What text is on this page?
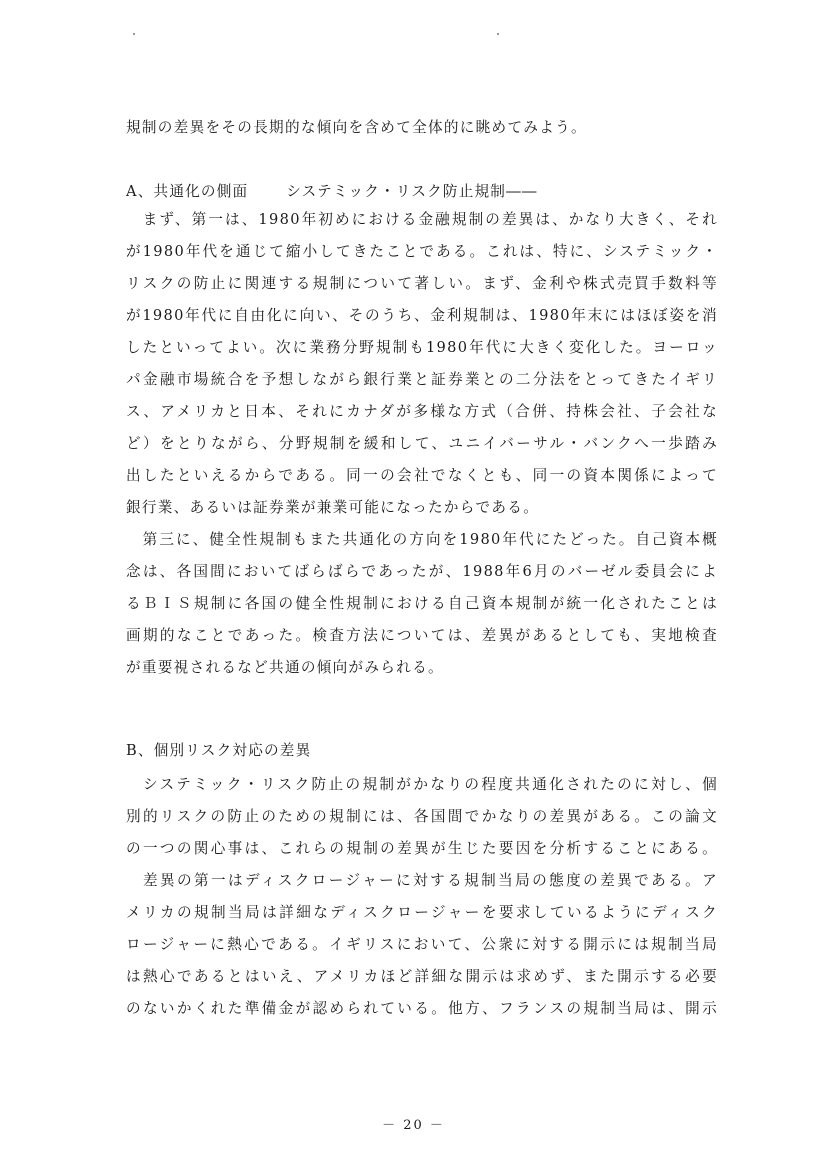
規制の差異をその長期的な傾向を含めて全体的に眺めてみよう。
A、共通化の側面	システミック・リスク防止規制――
　まず、第一は、1980年初めにおける金融規制の差異は、かなり大きく、それ
が1980年代を通じて縮小してきたことである。これは、特に、システミック・
リスクの防止に関連する規制について著しい。まず、金利や株式売買手数料等
が1980年代に自由化に向い、そのうち、金利規制は、1980年末にはほぼ姿を消
したといってよい。次に業務分野規制も1980年代に大きく変化した。ヨーロッ
パ金融市場統合を予想しながら銀行業と証券業との二分法をとってきたイギリ
ス、アメリカと日本、それにカナダが多様な方式（合併、持株会社、子会社な
ど）をとりながら、分野規制を緩和して、ユニイバーサル・バンクへ一歩踏み
出したといえるからである。同一の会社でなくとも、同一の資本関係によって
銀行業、あるいは証券業が兼業可能になったからである。
　第三に、健全性規制もまた共通化の方向を1980年代にたどった。自己資本概
念は、各国間においてばらばらであったが、1988年6月のバーゼル委員会によ
るＢＩＳ規制に各国の健全性規制における自己資本規制が統一化されたことは
画期的なことであった。検査方法については、差異があるとしても、実地検査
が重要視されるなど共通の傾向がみられる。
B、個別リスク対応の差異
　システミック・リスク防止の規制がかなりの程度共通化されたのに対し、個
別的リスクの防止のための規制には、各国間でかなりの差異がある。この論文
の一つの関心事は、これらの規制の差異が生じた要因を分析することにある。
　差異の第一はディスクロージャーに対する規制当局の態度の差異である。ア
メリカの規制当局は詳細なディスクロージャーを要求しているようにディスク
ロージャーに熱心である。イギリスにおいて、公衆に対する開示には規制当局
は熱心であるとはいえ、アメリカほど詳細な開示は求めず、また開示する必要
のないかくれた準備金が認められている。他方、フランスの規制当局は、開示
－ 20 －
